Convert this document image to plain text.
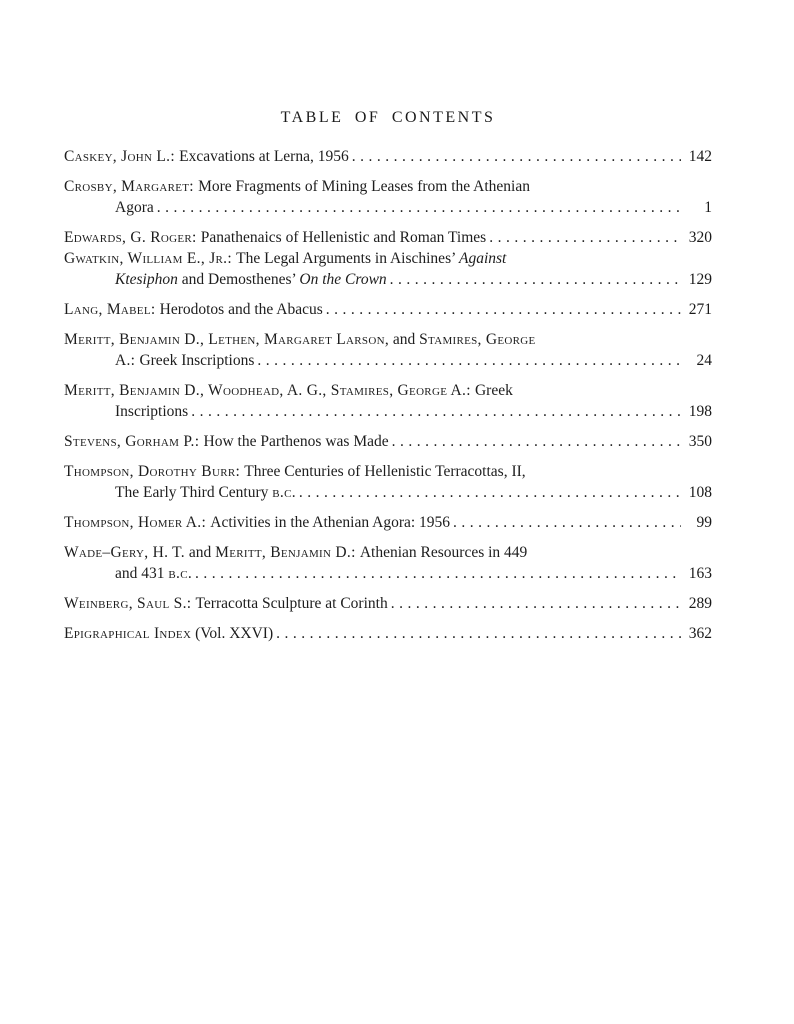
TABLE OF CONTENTS
Caskey, John L.: Excavations at Lerna, 1956 .....	142
Crosby, Margaret: More Fragments of Mining Leases from the Athenian
Agora .....	1
Edwards, G. Roger: Panathenaics of Hellenistic and Roman Times .....	320
Gwatkin, William E., Jr.: The Legal Arguments in Aischines’ Against
Ktesiphon and Demosthenes’ On the Crown .....	129
Lang, Mabel: Herodotos and the Abacus .....	271
Meritt, Benjamin D., Lethen, Margaret Larson, and Stamires, George
A.: Greek Inscriptions .....	24
Meritt, Benjamin D., Woodhead, A. G., Stamires, George A.: Greek
Inscriptions .....	198
Stevens, Gorham P.: How the Parthenos was Made .....	350
Thompson, Dorothy Burr: Three Centuries of Hellenistic Terracottas, II,
The Early Third Century b.c. .....	108
Thompson, Homer A.: Activities in the Athenian Agora: 1956 .....	99
Wade–Gery, H. T. and Meritt, Benjamin D.: Athenian Resources in 449
and 431 b.c. .....	163
Weinberg, Saul S.: Terracotta Sculpture at Corinth .....	289
Epigraphical Index (Vol. XXVI) .....	362
